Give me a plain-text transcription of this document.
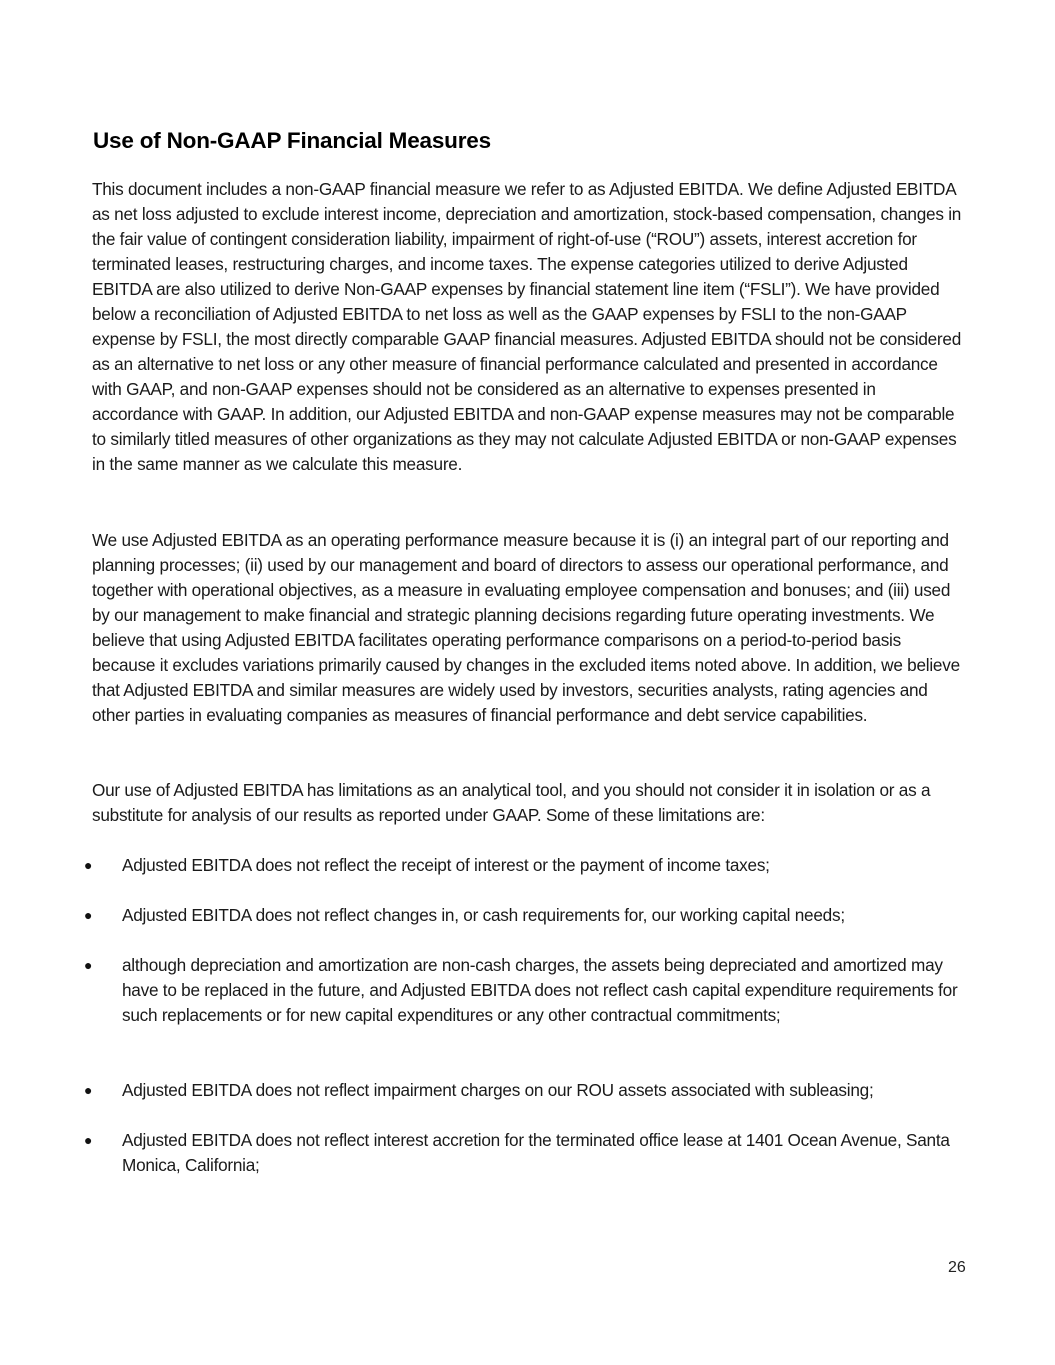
Use of Non-GAAP Financial Measures

This document includes a non-GAAP financial measure we refer to as Adjusted EBITDA. We define Adjusted EBITDA as net loss adjusted to exclude interest income, depreciation and amortization, stock-based compensation, changes in the fair value of contingent consideration liability, impairment of right-of-use (“ROU”) assets, interest accretion for terminated leases, restructuring charges, and income taxes. The expense categories utilized to derive Adjusted EBITDA are also utilized to derive Non-GAAP expenses by financial statement line item (“FSLI”). We have provided below a reconciliation of Adjusted EBITDA to net loss as well as the GAAP expenses by FSLI to the non-GAAP expense by FSLI, the most directly comparable GAAP financial measures. Adjusted EBITDA should not be considered as an alternative to net loss or any other measure of financial performance calculated and presented in accordance with GAAP, and non-GAAP expenses should not be considered as an alternative to expenses presented in accordance with GAAP. In addition, our Adjusted EBITDA and non-GAAP expense measures may not be comparable to similarly titled measures of other organizations as they may not calculate Adjusted EBITDA or non-GAAP expenses in the same manner as we calculate this measure.

We use Adjusted EBITDA as an operating performance measure because it is (i) an integral part of our reporting and planning processes; (ii) used by our management and board of directors to assess our operational performance, and together with operational objectives, as a measure in evaluating employee compensation and bonuses; and (iii) used by our management to make financial and strategic planning decisions regarding future operating investments. We believe that using Adjusted EBITDA facilitates operating performance comparisons on a period-to-period basis because it excludes variations primarily caused by changes in the excluded items noted above. In addition, we believe that Adjusted EBITDA and similar measures are widely used by investors, securities analysts, rating agencies and other parties in evaluating companies as measures of financial performance and debt service capabilities.

Our use of Adjusted EBITDA has limitations as an analytical tool, and you should not consider it in isolation or as a substitute for analysis of our results as reported under GAAP. Some of these limitations are:

●	Adjusted EBITDA does not reflect the receipt of interest or the payment of income taxes;
●	Adjusted EBITDA does not reflect changes in, or cash requirements for, our working capital needs;
●	although depreciation and amortization are non-cash charges, the assets being depreciated and amortized may have to be replaced in the future, and Adjusted EBITDA does not reflect cash capital expenditure requirements for such replacements or for new capital expenditures or any other contractual commitments;
●	Adjusted EBITDA does not reflect impairment charges on our ROU assets associated with subleasing;
●	Adjusted EBITDA does not reflect interest accretion for the terminated office lease at 1401 Ocean Avenue, Santa Monica, California;
26
